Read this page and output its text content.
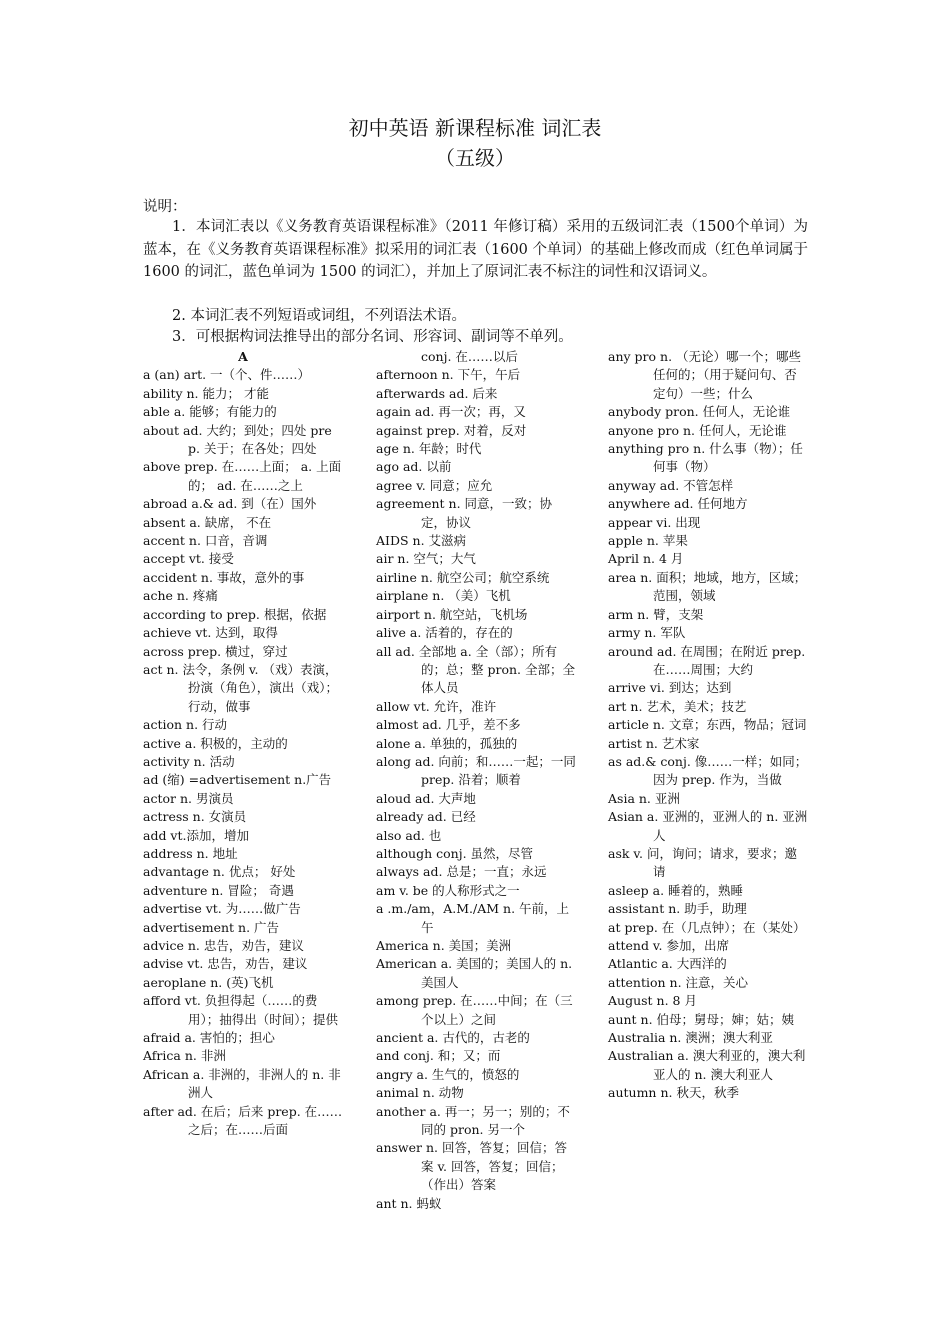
初中英语 新课程标准 词汇表
（五级）
说明：
1．本词汇表以《义务教育英语课程标准》（2011 年修订稿）采用的五级词汇表（1500个单词）为蓝本，在《义务教育英语课程标准》拟采用的词汇表（1600 个单词）的基础上修改而成（红色单词属于 1600 的词汇，蓝色单词为 1500 的词汇），并加上了原词汇表不标注的词性和汉语词义。
2. 本词汇表不列短语或词组，不列语法术语。
3．可根据构词法推导出的部分名词、形容词、副词等不单列。
A
a (an) art. 一（个、件……）
ability n. 能力； 才能
able a. 能够；有能力的
about ad. 大约；到处；四处 prep. 关于；在各处；四处
above prep. 在……上面； a. 上面的； ad. 在……之上
abroad a.& ad. 到（在）国外
absent a. 缺席， 不在
accent n. 口音，音调
accept vt. 接受
accident n. 事故，意外的事
ache n. 疼痛
according to prep. 根据，依据
achieve vt. 达到，取得
across prep. 横过，穿过
act n. 法令，条例 v. （戏）表演，扮演（角色），演出（戏）；行动，做事
action n. 行动
active a. 积极的，主动的
activity n. 活动
ad (缩) =advertisement n.广告
actor n. 男演员
actress n. 女演员
add vt.添加，增加
address n. 地址
advantage n. 优点； 好处
adventure n. 冒险； 奇遇
advertise vt. 为……做广告
advertisement n. 广告
advice n. 忠告，劝告，建议
advise vt. 忠告，劝告，建议
aeroplane n. (英)飞机
afford vt. 负担得起（……的费用）；抽得出（时间）；提供
afraid a. 害怕的；担心
Africa n. 非洲
African a. 非洲的，非洲人的 n. 非洲人
after ad. 在后；后来 prep. 在……之后；在……后面
conj. 在……以后
afternoon n. 下午，午后
afterwards ad. 后来
again ad. 再一次；再，又
against prep. 对着，反对
age n. 年龄；时代
ago ad. 以前
agree v. 同意；应允
agreement n. 同意，一致；协定，协议
AIDS n. 艾滋病
air n. 空气；大气
airline n. 航空公司；航空系统
airplane n. （美）飞机
airport n. 航空站，飞机场
alive a. 活着的，存在的
all ad. 全部地 a. 全（部）；所有的；总；整 pron. 全部；全体人员
allow vt. 允许，准许
almost ad. 几乎，差不多
alone a. 单独的，孤独的
along ad. 向前；和……一起；一同 prep. 沿着；顺着
aloud ad. 大声地
already ad. 已经
also ad. 也
although conj. 虽然，尽管
always ad. 总是；一直；永远
am v. be 的人称形式之一
a .m./am，A.M./AM n. 午前，上午
America n. 美国；美洲
American a. 美国的；美国人的 n. 美国人
among prep. 在……中间；在（三个以上）之间
ancient a. 古代的，古老的
and conj. 和；又；而
angry a. 生气的，愤怒的
animal n. 动物
another a. 再一；另一；别的；不同的 pron. 另一个
answer n. 回答，答复；回信；答案 v. 回答，答复；回信；（作出）答案
ant n. 蚂蚁
any pro n. （无论）哪一个；哪些 任何的；（用于疑问句、否定句）一些；什么
anybody pron. 任何人，无论谁
anyone pro n. 任何人，无论谁
anything pro n. 什么事（物）；任何事（物）
anyway ad. 不管怎样
anywhere ad. 任何地方
appear vi. 出现
apple n. 苹果
April n. 4 月
area n. 面积；地域，地方，区域；范围，领域
arm n. 臂，支架
army n. 军队
around ad. 在周围；在附近 prep. 在……周围；大约
arrive vi. 到达；达到
art n. 艺术，美术；技艺
article n. 文章；东西，物品；冠词
artist n. 艺术家
as ad.& conj. 像……一样；如同；因为 prep. 作为，当做
Asia n. 亚洲
Asian a. 亚洲的，亚洲人的 n. 亚洲人
ask v. 问，询问；请求，要求；邀请
asleep a. 睡着的，熟睡
assistant n. 助手，助理
at prep. 在（几点钟）；在（某处）
attend v. 参加，出席
Atlantic a. 大西洋的
attention n. 注意，关心
August n. 8 月
aunt n. 伯母；舅母；婶；姑；姨
Australia n. 澳洲；澳大利亚
Australian a. 澳大利亚的，澳大利亚人的 n. 澳大利亚人
autumn n. 秋天，秋季
